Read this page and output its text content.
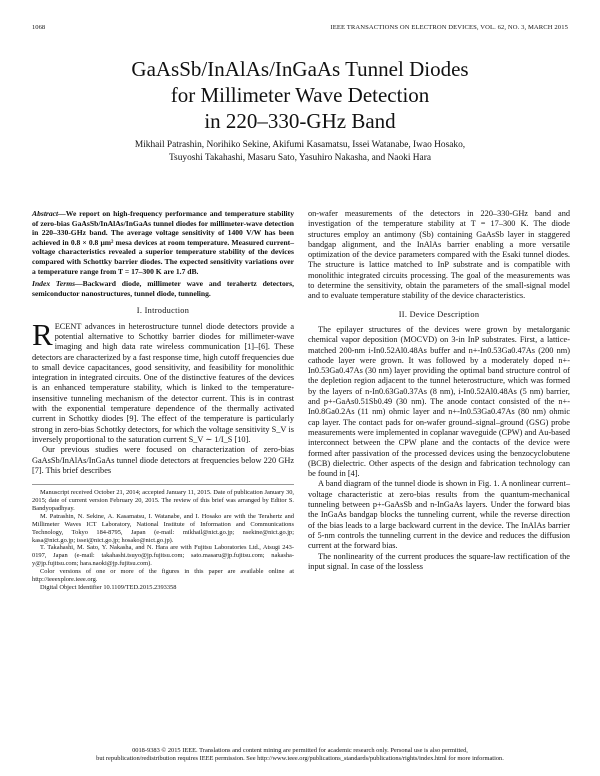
1068	IEEE TRANSACTIONS ON ELECTRON DEVICES, VOL. 62, NO. 3, MARCH 2015
GaAsSb/InAlAs/InGaAs Tunnel Diodes
for Millimeter Wave Detection
in 220–330-GHz Band
Mikhail Patrashin, Norihiko Sekine, Akifumi Kasamatsu, Issei Watanabe, Iwao Hosako,
Tsuyoshi Takahashi, Masaru Sato, Yasuhiro Nakasha, and Naoki Hara

Abstract—We report on high-frequency performance and temperature stability of zero-bias GaAsSb/InAlAs/InGaAs tunnel diodes for millimeter-wave detection in 220–330-GHz band. The average voltage sensitivity of 1400 V/W has been achieved in 0.8 × 0.8 μm² mesa devices at room temperature. Measured current–voltage characteristics revealed a superior temperature stability of the devices compared with Schottky barrier diodes. The expected sensitivity variations over a temperature range from T = 17–300 K are 1.7 dB.

Index Terms—Backward diode, millimeter wave and terahertz detectors, semiconductor nanostructures, tunnel diode, tunneling.

I. Introduction

RECENT advances in heterostructure tunnel diode detectors provide a potential alternative to Schottky barrier diodes for millimeter-wave imaging and high data rate wireless communication [1]–[6]. These detectors are characterized by a fast response time, high cutoff frequencies due to small device capacitances, good sensitivity, and feasibility for monolithic integration in integrated circuits. One of the distinctive features of the devices is an enhanced temperature stability, which is linked to the temperature-insensitive tunneling mechanism of the detector current. This is in contrast with the exponential temperature dependence of the thermally activated current in Schottky diodes [9]. The effect of the temperature is particularly strong in zero-bias Schottky detectors, for which the voltage sensitivity S_V is inversely proportional to the saturation current S_V ∼ 1/I_S [10].

Our previous studies were focused on characterization of zero-bias GaAsSb/InAlAs/InGaAs tunnel diode detectors at frequencies below 220 GHz [7]. This brief describes

Manuscript received October 21, 2014; accepted January 11, 2015. Date of publication January 30, 2015; date of current version February 20, 2015. The review of this brief was arranged by Editor S. Bandyopadhyay.

M. Patrashin, N. Sekine, A. Kasamatsu, I. Watanabe, and I. Hosako are with the Terahertz and Millimeter Waves ICT Laboratory, National Institute of Information and Communications Technology, Tokyo 184-8795, Japan (e-mail: mikhail@nict.go.jp; nsekine@nict.go.jp; kasa@nict.go.jp; issei@nict.go.jp; hosako@nict.go.jp).

T. Takahashi, M. Sato, Y. Nakasha, and N. Hara are with Fujitsu Laboratories Ltd., Atsugi 243-0197, Japan (e-mail: takahashi.tsuyo@jp.fujitsu.com; sato.masaru@jp.fujitsu.com; nakasha-y@jp.fujitsu.com; hara.naoki@jp.fujitsu.com).

Color versions of one or more of the figures in this paper are available online at http://ieeexplore.ieee.org.

Digital Object Identifier 10.1109/TED.2015.2393358

on-wafer measurements of the detectors in 220–330-GHz band and investigation of the temperature stability at T = 17–300 K. The diode structures employ an antimony (Sb) containing GaAsSb layer in staggered bandgap alignment, and the InAlAs barrier enabling a more versatile optimization of the device parameters compared with the Esaki tunnel diodes. The structure is lattice matched to InP substrate and is compatible with monolithic integrated circuits processing. The goal of the measurements was to determine the sensitivity, obtain the parameters of the small-signal model and to evaluate temperature stability of the device characteristics.

II. Device Description

The epilayer structures of the devices were grown by metalorganic chemical vapor deposition (MOCVD) on 3-in InP substrates. First, a lattice-matched 200-nm i-In0.52Al0.48As buffer and n+-In0.53Ga0.47As (200 nm) cathode layer were grown. It was followed by a moderately doped n+-In0.53Ga0.47As (30 nm) layer providing the optimal band structure control of the depletion region adjacent to the tunnel heterostructure, which was formed by the layers of n-In0.63Ga0.37As (8 nm), i-In0.52Al0.48As (5 nm) barrier, and p+-GaAs0.51Sb0.49 (30 nm). The anode contact consisted of the n+-In0.8Ga0.2As (11 nm) ohmic layer and n+-In0.53Ga0.47As (80 nm) ohmic cap layer. The contact pads for on-wafer ground–signal–ground (GSG) probe measurements were implemented in coplanar waveguide (CPW) and Au-based interconnect between the CPW plane and the contacts of the device were formed after passivation of the processed devices using the benzocyclobutene (BCB) dielectric. Other aspects of the design and fabrication technology can be found in [4].

A band diagram of the tunnel diode is shown in Fig. 1. A nonlinear current–voltage characteristic at zero-bias results from the quantum-mechanical tunneling between p+-GaAsSb and n-InGaAs layers. Under the forward bias the InGaAs bandgap blocks the tunneling current, while the reverse direction of the bias leads to a large backward current in the device. The InAlAs barrier of 5-nm controls the tunneling current in the device and reduces the diffusion current at the forward bias.

The nonlinearity of the current produces the square-law rectification of the input signal. In case of the lossless

0018-9383 © 2015 IEEE. Translations and content mining are permitted for academic research only. Personal use is also permitted,
but republication/redistribution requires IEEE permission. See http://www.ieee.org/publications_standards/publications/rights/index.html for more information.
